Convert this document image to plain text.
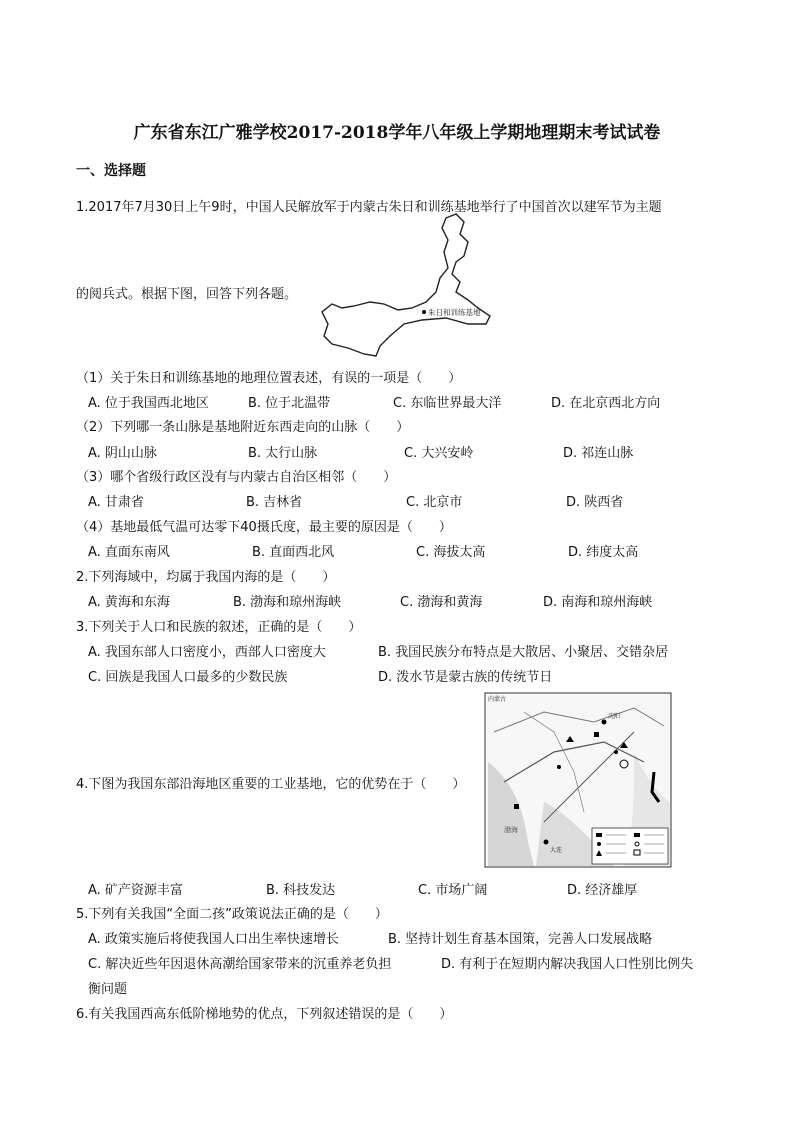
广东省东江广雅学校2017-2018学年八年级上学期地理期末考试试卷
一、选择题
1.2017年7月30日上午9时，中国人民解放军于内蒙古朱日和训练基地举行了中国首次以建军节为主题
朱日和训练基地
的阅兵式。根据下图，回答下列各题。
（1）关于朱日和训练基地的地理位置表述，有误的一项是（　　）
A. 位于我国西北地区	B. 位于北温带	C. 东临世界最大洋	D. 在北京西北方向
（2）下列哪一条山脉是基地附近东西走向的山脉（　　）
A. 阴山山脉	B. 太行山脉	C. 大兴安岭	D. 祁连山脉
（3）哪个省级行政区没有与内蒙古自治区相邻（　　）
A. 甘肃省	B. 吉林省	C. 北京市	D. 陕西省
（4）基地最低气温可达零下40摄氏度，最主要的原因是（　　）
A. 直面东南风	B. 直面西北风	C. 海拔太高	D. 纬度太高
2.下列海域中，均属于我国内海的是（　　）
A. 黄海和东海	B. 渤海和琼州海峡	C. 渤海和黄海	D. 南海和琼州海峡
3.下列关于人口和民族的叙述，正确的是（　　）
A. 我国东部人口密度小，西部人口密度大	B. 我国民族分布特点是大散居、小聚居、交错杂居
C. 回族是我国人口最多的少数民族	D. 泼水节是蒙古族的传统节日
内蒙古
沈阳
大连
渤海
4.下图为我国东部沿海地区重要的工业基地，它的优势在于（　　）
A. 矿产资源丰富	B. 科技发达	C. 市场广阔	D. 经济雄厚
5.下列有关我国“全面二孩”政策说法正确的是（　　）
A. 政策实施后将使我国人口出生率快速增长	B. 坚持计划生育基本国策，完善人口发展战略
C. 解决近些年因退休高潮给国家带来的沉重养老负担	D. 有利于在短期内解决我国人口性别比例失
衡问题
6.有关我国西高东低阶梯地势的优点，下列叙述错误的是（　　）
